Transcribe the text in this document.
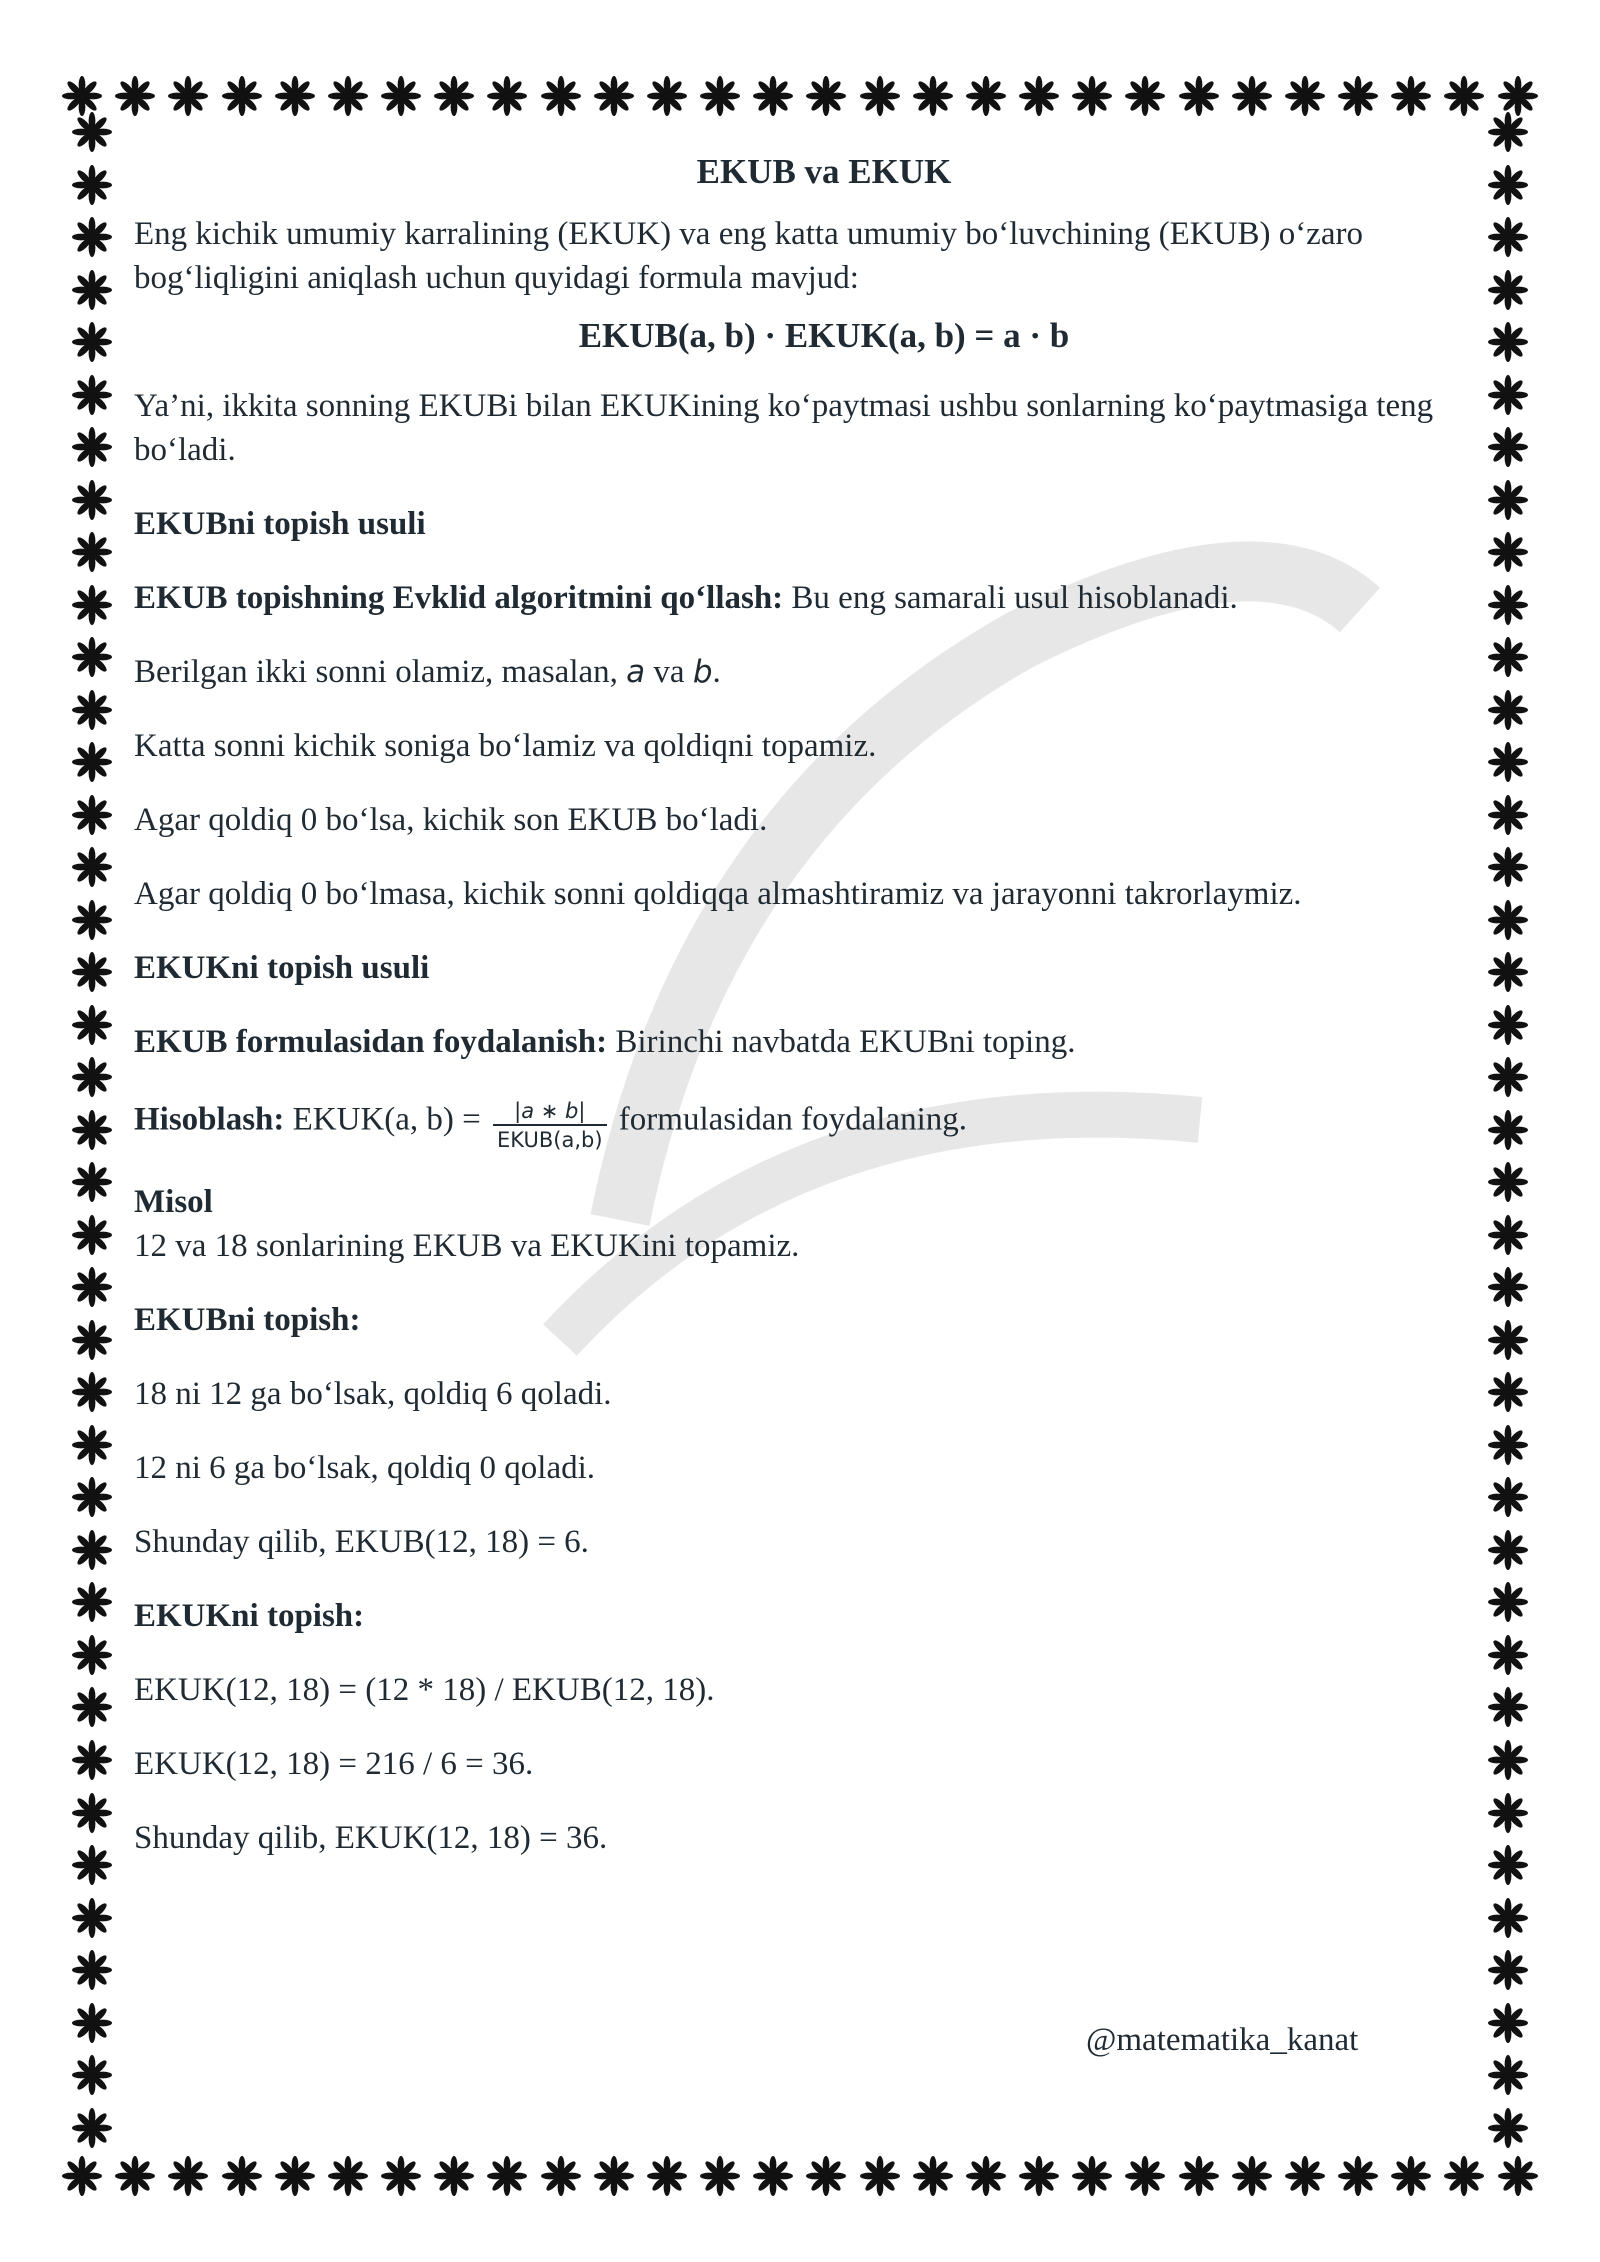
EKUB va EKUK

Eng kichik umumiy karralining (EKUK) va eng katta umumiy bo‘luvchining (EKUB) o‘zaro bog‘liqligini aniqlash uchun quyidagi formula mavjud:

EKUB(a, b) · EKUK(a, b) = a · b

Ya’ni, ikkita sonning EKUBi bilan EKUKining ko‘paytmasi ushbu sonlarning ko‘paytmasiga teng bo‘ladi.

EKUBni topish usuli

EKUB topishning Evklid algoritmini qo‘llash: Bu eng samarali usul hisoblanadi.

Berilgan ikki sonni olamiz, masalan, a va b.

Katta sonni kichik soniga bo‘lamiz va qoldiqni topamiz.

Agar qoldiq 0 bo‘lsa, kichik son EKUB bo‘ladi.

Agar qoldiq 0 bo‘lmasa, kichik sonni qoldiqqa almashtiramiz va jarayonni takrorlaymiz.

EKUKni topish usuli

EKUB formulasidan foydalanish: Birinchi navbatda EKUBni toping.

Hisoblash: EKUK(a, $b) = \frac{|a ∗ b|}{\text{EKUB(a,b)}}$ formulasidan foydalaning.

Misol

12 va 18 sonlarining EKUB va EKUKini topamiz.

EKUBni topish:

18 ni 12 ga bo‘lsak, qoldiq 6 qoladi.

12 ni 6 ga bo‘lsak, qoldiq 0 qoladi.

Shunday qilib, EKUB(12, 18) = 6.

EKUKni topish:

EKUK(12, 18) = (12 * 18) / EKUB(12, 18).

EKUK(12, 18) = 216 / 6 = 36.

Shunday qilib, EKUK(12, 18) = 36.

@matematika_kanat
